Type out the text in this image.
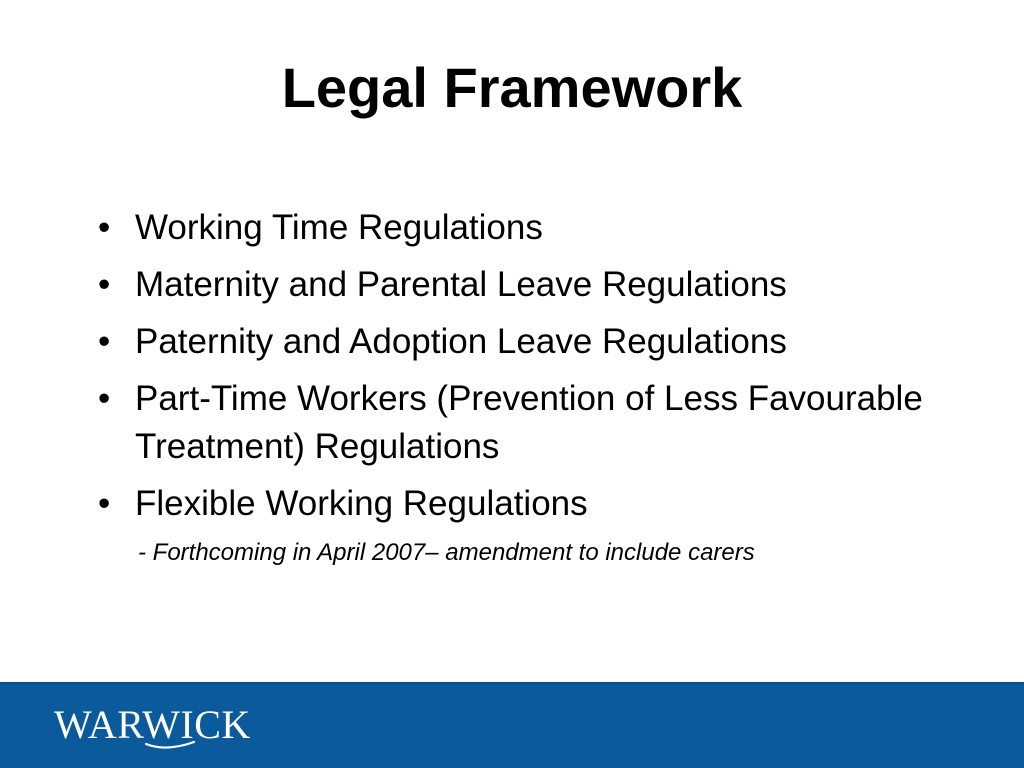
Legal Framework
• Working Time Regulations
• Maternity and Parental Leave Regulations
• Paternity and Adoption Leave Regulations
• Part-Time Workers (Prevention of Less Favourable Treatment) Regulations
• Flexible Working Regulations
- Forthcoming in April 2007– amendment to include carers
WARWICK
